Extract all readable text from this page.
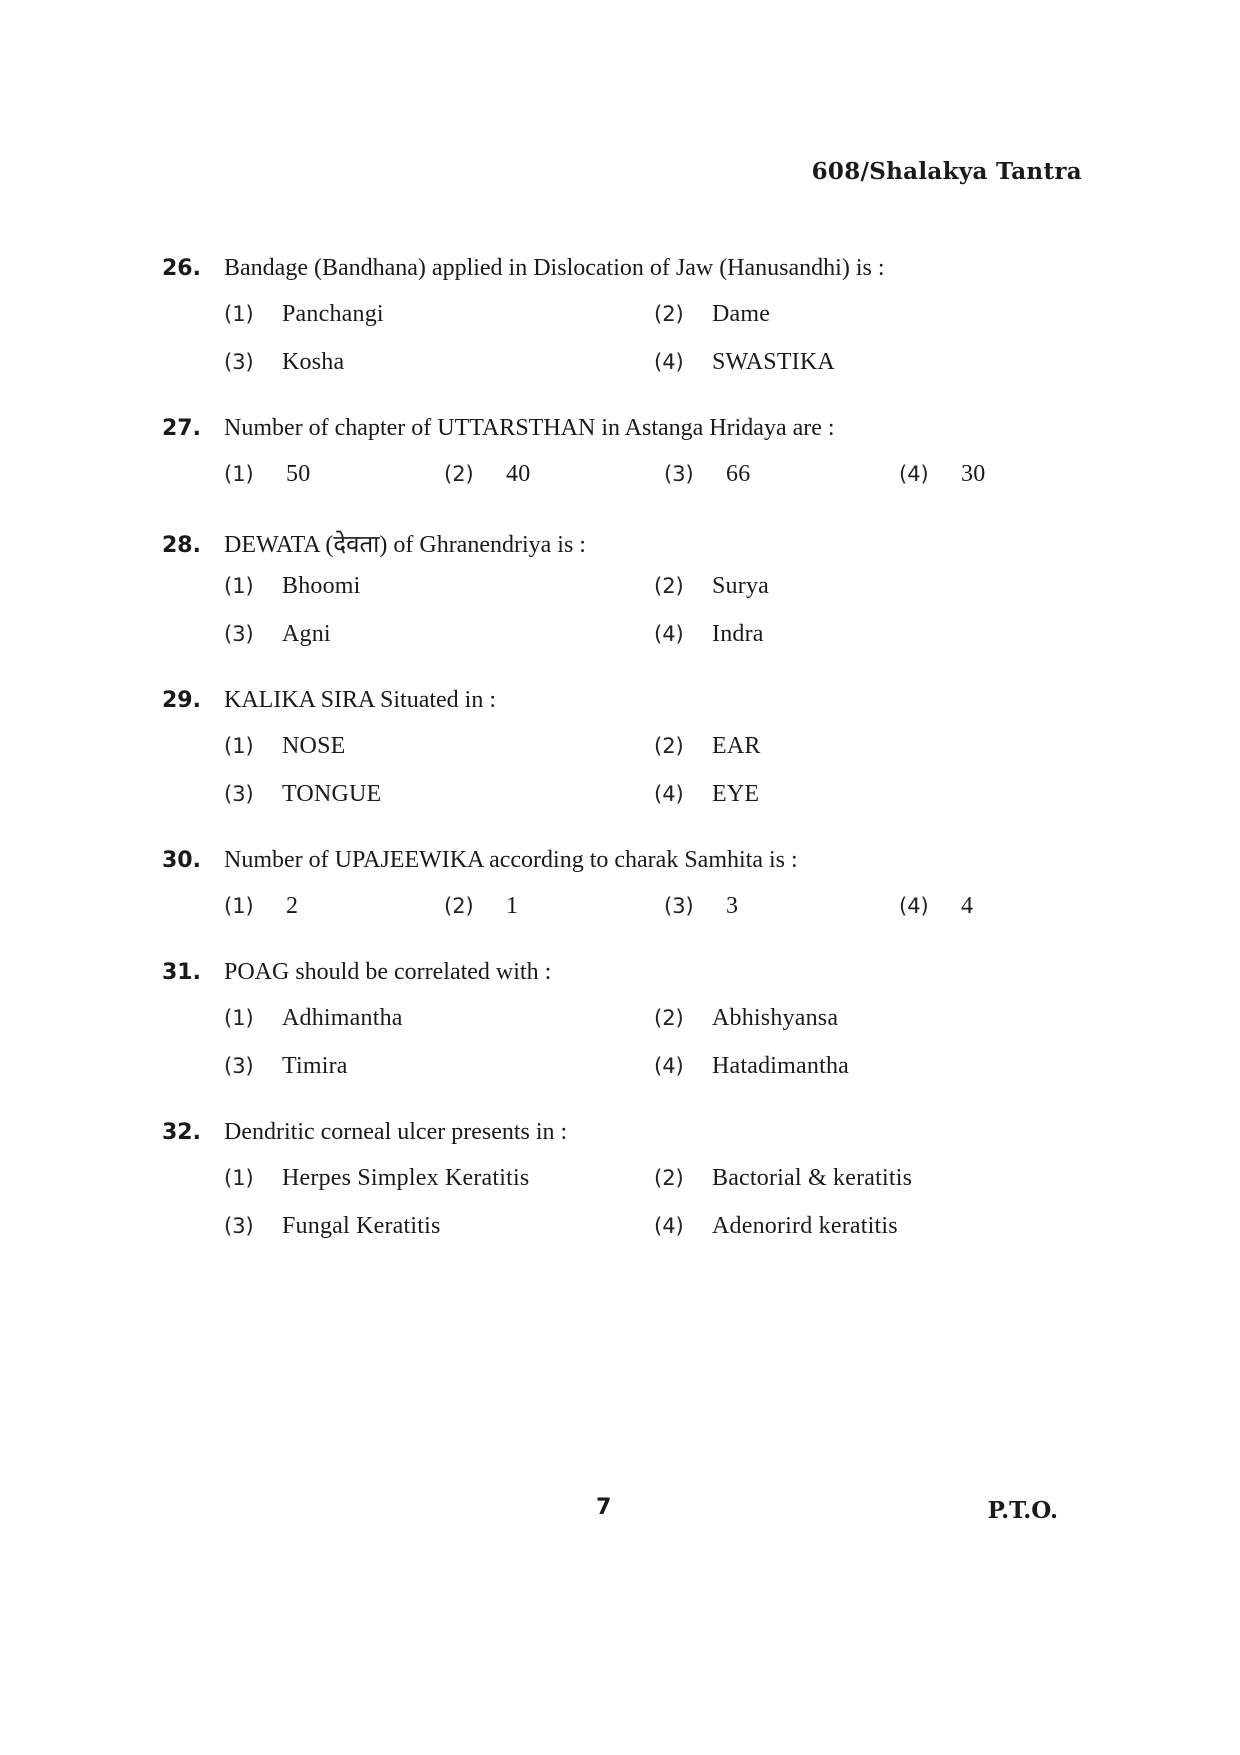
608/Shalakya Tantra
26. Bandage (Bandhana) applied in Dislocation of Jaw (Hanusandhi) is :
(1)	Panchangi	(2)	Dame
(3)	Kosha	(4)	SWASTIKA
27. Number of chapter of UTTARSTHAN in Astanga Hridaya are :
(1)	50	(2)	40	(3)	66	(4)	30
28. DEWATA (देवता) of Ghranendriya is :
(1)	Bhoomi	(2)	Surya
(3)	Agni	(4)	Indra
29. KALIKA SIRA Situated in :
(1)	NOSE	(2)	EAR
(3)	TONGUE	(4)	EYE
30. Number of UPAJEEWIKA according to charak Samhita is :
(1)	2	(2)	1	(3)	3	(4)	4
31. POAG should be correlated with :
(1)	Adhimantha	(2)	Abhishyansa
(3)	Timira	(4)	Hatadimantha
32. Dendritic corneal ulcer presents in :
(1)	Herpes Simplex Keratitis	(2)	Bactorial & keratitis
(3)	Fungal Keratitis	(4)	Adenorird keratitis
7	P.T.O.
